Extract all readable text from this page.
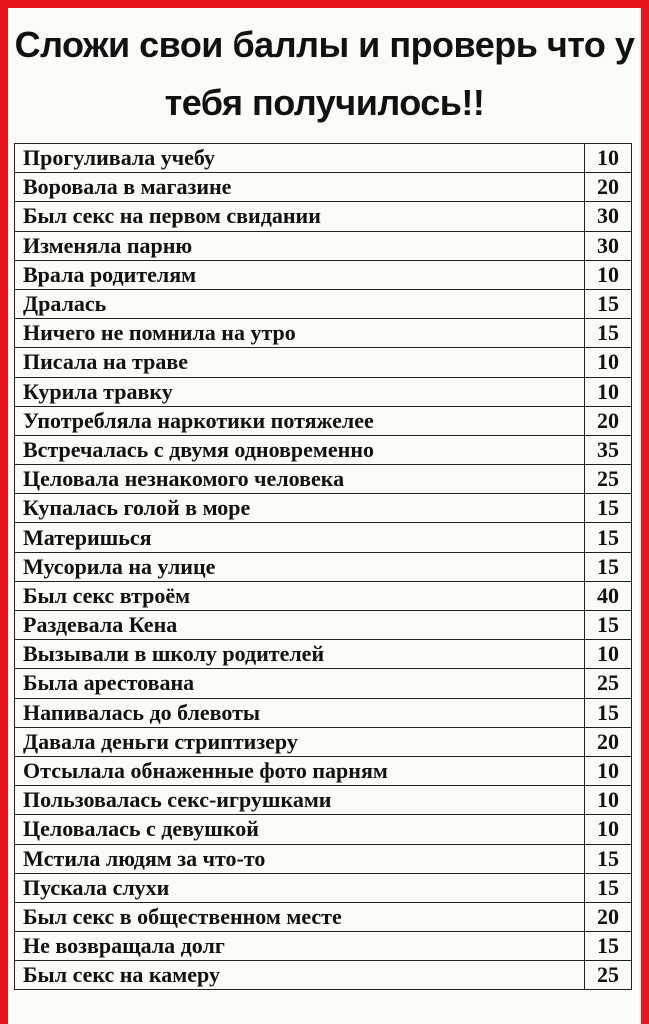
Сложи свои баллы и проверь что у
тебя получилось!!
Прогуливала учебу	10
Воровала в магазине	20
Был секс на первом свидании	30
Изменяла парню	30
Врала родителям	10
Дралась	15
Ничего не помнила на утро	15
Писала на траве	10
Курила травку	10
Употребляла наркотики потяжелее	20
Встречалась с двумя одновременно	35
Целовала незнакомого человека	25
Купалась голой в море	15
Материшься	15
Мусорила на улице	15
Был секс втроём	40
Раздевала Кена	15
Вызывали в школу родителей	10
Была арестована	25
Напивалась до блевоты	15
Давала деньги стриптизеру	20
Отсылала обнаженные фото парням	10
Пользовалась секс-игрушками	10
Целовалась с девушкой	10
Мстила людям за что-то	15
Пускала слухи	15
Был секс в общественном месте	20
Не возвращала долг	15
Был секс на камеру	25
